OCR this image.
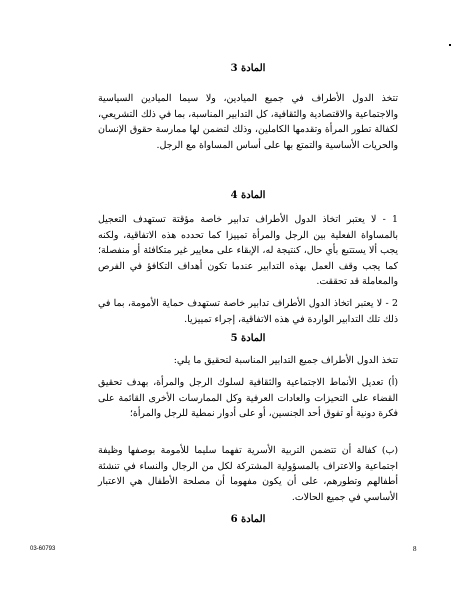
المادة 3
تتخذ الدول الأطراف في جميع الميادين، ولا سيما الميادين السياسية والاجتماعية والاقتصادية والثقافية، كل التدابير المناسبة، بما في ذلك التشريعي، لكفالة تطور المرأة وتقدمها الكاملين، وذلك لتضمن لها ممارسة حقوق الإنسان والحريات الأساسية والتمتع بها على أساس المساواة مع الرجل.
المادة 4
1 - لا يعتبر اتخاذ الدول الأطراف تدابير خاصة مؤقتة تستهدف التعجيل بالمساواة الفعلية بين الرجل والمرأة تمييزا كما تحدده هذه الاتفاقية، ولكنه يجب ألا يستتبع بأي حال، كنتيجة له، الإبقاء على معايير غير متكافئة أو منفصلة؛ كما يجب وقف العمل بهذه التدابير عندما تكون أهداف التكافؤ في الفرص والمعاملة قد تحققت.
2 - لا يعتبر اتخاذ الدول الأطراف تدابير خاصة تستهدف حماية الأمومة، بما في ذلك تلك التدابير الواردة في هذه الاتفاقية، إجراء تمييزيا.
المادة 5
تتخذ الدول الأطراف جميع التدابير المناسبة لتحقيق ما يلي:
(أ) تعديل الأنماط الاجتماعية والثقافية لسلوك الرجل والمرأة، بهدف تحقيق القضاء على التحيزات والعادات العرفية وكل الممارسات الأخرى القائمة على فكرة دونية أو تفوق أحد الجنسين، أو على أدوار نمطية للرجل والمرأة؛
(ب) كفالة أن تتضمن التربية الأسرية تفهما سليما للأمومة بوصفها وظيفة اجتماعية والاعتراف بالمسؤولية المشتركة لكل من الرجال والنساء في تنشئة أطفالهم وتطورهم، على أن يكون مفهوما أن مصلحة الأطفال هي الاعتبار الأساسي في جميع الحالات.
المادة 6
03-60793	8
